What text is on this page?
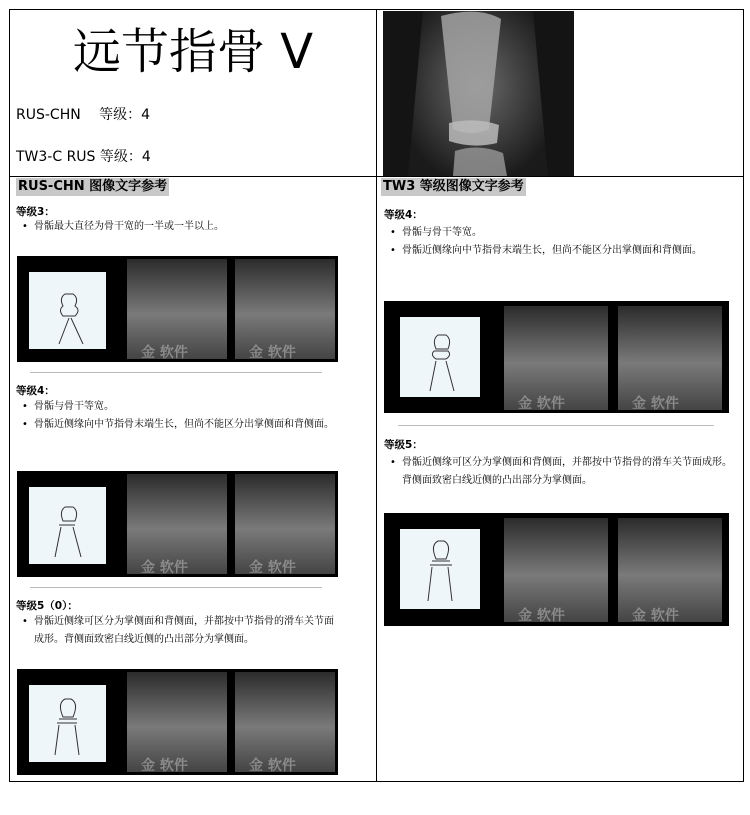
远节指骨 V
RUS-CHN　 等级：4
TW3-C RUS 等级：4
RUS-CHN 图像文字参考	TW3 等级图像文字参考
等级3：
• 骨骺最大直径为骨干宽的一半或一半以上。
金 软件	金 软件
等级4：
• 骨骺与骨干等宽。
• 骨骺近侧缘向中节指骨末端生长，但尚不能区分出掌侧面和背侧面。
金 软件	金 软件
等级5（0）：
• 骨骺近侧缘可区分为掌侧面和背侧面，并都按中节指骨的滑车关节面成形。背侧面致密白线近侧的凸出部分为掌侧面。
金 软件	金 软件
等级4：
• 骨骺与骨干等宽。
• 骨骺近侧缘向中节指骨末端生长，但尚不能区分出掌侧面和背侧面。
金 软件	金 软件
等级5：
• 骨骺近侧缘可区分为掌侧面和背侧面，并都按中节指骨的滑车关节面成形。背侧面致密白线近侧的凸出部分为掌侧面。
金 软件	金 软件
